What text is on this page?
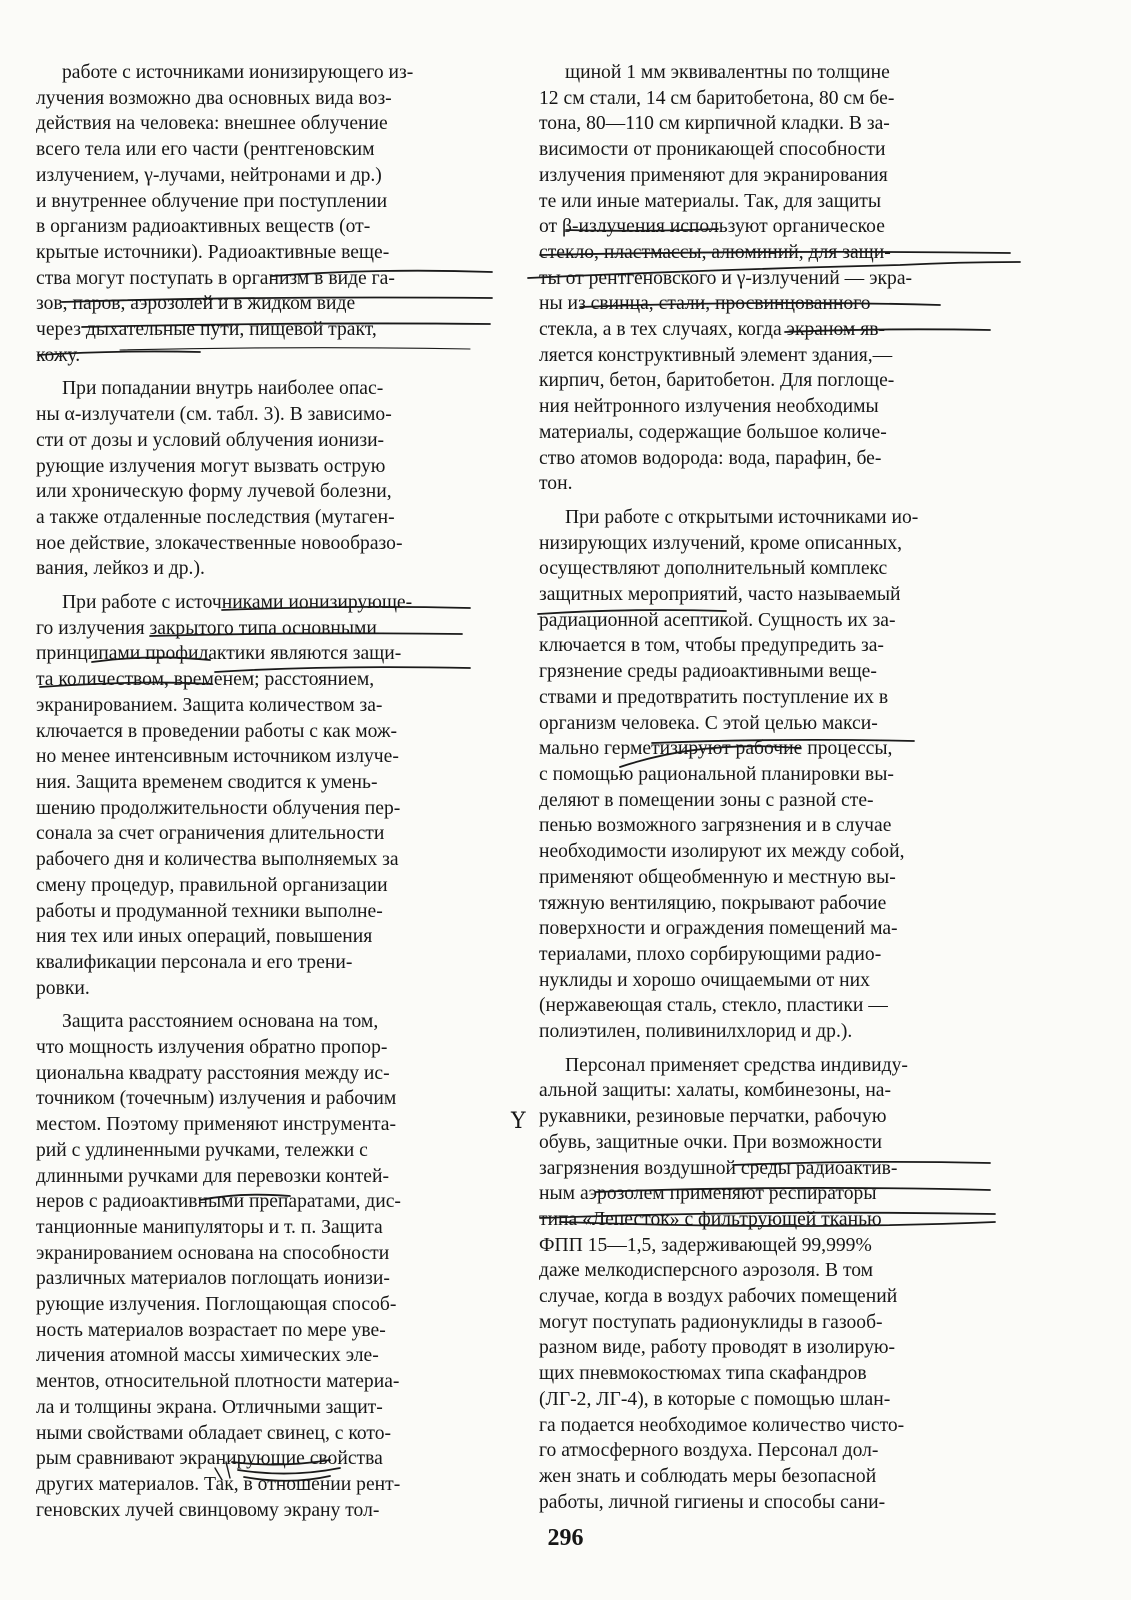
работе с источниками ионизирующего из-
лучения возможно два основных вида воз-
действия на человека: внешнее облучение
всего тела или его части (рентгеновским
излучением, γ-лучами, нейтронами и др.)
и внутреннее облучение при поступлении
в организм радиоактивных веществ (от-
крытые источники). Радиоактивные веще-
ства могут поступать в организм в виде га-
зов, паров, аэрозолей и в жидком виде
через дыхательные пути, пищевой тракт,
кожу.
При попадании внутрь наиболее опас-
ны α-излучатели (см. табл. 3). В зависимо-
сти от дозы и условий облучения ионизи-
рующие излучения могут вызвать острую
или хроническую форму лучевой болезни,
а также отдаленные последствия (мутаген-
ное действие, злокачественные новообразо-
вания, лейкоз и др.).
При работе с источниками ионизирующе-
го излучения закрытого типа основными
принципами профилактики являются защи-
та количеством, временем; расстоянием,
экранированием. Защита количеством за-
ключается в проведении работы с как мож-
но менее интенсивным источником излуче-
ния. Защита временем сводится к умень-
шению продолжительности облучения пер-
сонала за счет ограничения длительности
рабочего дня и количества выполняемых за
смену процедур, правильной организации
работы и продуманной техники выполне-
ния тех или иных операций, повышения
квалификации персонала и его трени-
ровки.
Защита расстоянием основана на том,
что мощность излучения обратно пропор-
циональна квадрату расстояния между ис-
точником (точечным) излучения и рабочим
местом. Поэтому применяют инструмента-
рий с удлиненными ручками, тележки с
длинными ручками для перевозки контей-
неров с радиоактивными препаратами, дис-
танционные манипуляторы и т. п. Защита
экранированием основана на способности
различных материалов поглощать ионизи-
рующие излучения. Поглощающая способ-
ность материалов возрастает по мере уве-
личения атомной массы химических эле-
ментов, относительной плотности материа-
ла и толщины экрана. Отличными защит-
ными свойствами обладает свинец, с кото-
рым сравнивают экранирующие свойства
других материалов. Так, в отношении рент-
геновских лучей свинцовому экрану тол-
щиной 1 мм эквивалентны по толщине
12 см стали, 14 см баритобетона, 80 см бе-
тона, 80—110 см кирпичной кладки. В за-
висимости от проникающей способности
излучения применяют для экранирования
те или иные материалы. Так, для защиты
от β-излучения используют органическое
стекло, пластмассы, алюминий, для защи-
ты от рентгеновского и γ-излучений — экра-
ны из свинца, стали, просвинцованного
стекла, а в тех случаях, когда экраном яв-
ляется конструктивный элемент здания,—
кирпич, бетон, баритобетон. Для поглоще-
ния нейтронного излучения необходимы
материалы, содержащие большое количе-
ство атомов водорода: вода, парафин, бе-
тон.
При работе с открытыми источниками ио-
низирующих излучений, кроме описанных,
осуществляют дополнительный комплекс
защитных мероприятий, часто называемый
радиационной асептикой. Сущность их за-
ключается в том, чтобы предупредить за-
грязнение среды радиоактивными веще-
ствами и предотвратить поступление их в
организм человека. С этой целью макси-
мально герметизируют рабочие процессы,
с помощью рациональной планировки вы-
деляют в помещении зоны с разной сте-
пенью возможного загрязнения и в случае
необходимости изолируют их между собой,
применяют общеобменную и местную вы-
тяжную вентиляцию, покрывают рабочие
поверхности и ограждения помещений ма-
териалами, плохо сорбирующими радио-
нуклиды и хорошо очищаемыми от них
(нержавеющая сталь, стекло, пластики —
полиэтилен, поливинилхлорид и др.).
Персонал применяет средства индивиду-
альной защиты: халаты, комбинезоны, на-
рукавники, резиновые перчатки, рабочую
обувь, защитные очки. При возможности
загрязнения воздушной среды радиоактив-
ным аэрозолем применяют респираторы
типа «Лепесток» с фильтрующей тканью
ФПП 15—1,5, задерживающей 99,999%
даже мелкодисперсного аэрозоля. В том
случае, когда в воздух рабочих помещений
могут поступать радионуклиды в газооб-
разном виде, работу проводят в изолирую-
щих пневмокостюмах типа скафандров
(ЛГ-2, ЛГ-4), в которые с помощью шлан-
га подается необходимое количество чисто-
го атмосферного воздуха. Персонал дол-
жен знать и соблюдать меры безопасной
работы, личной гигиены и способы сани-
Y
296
